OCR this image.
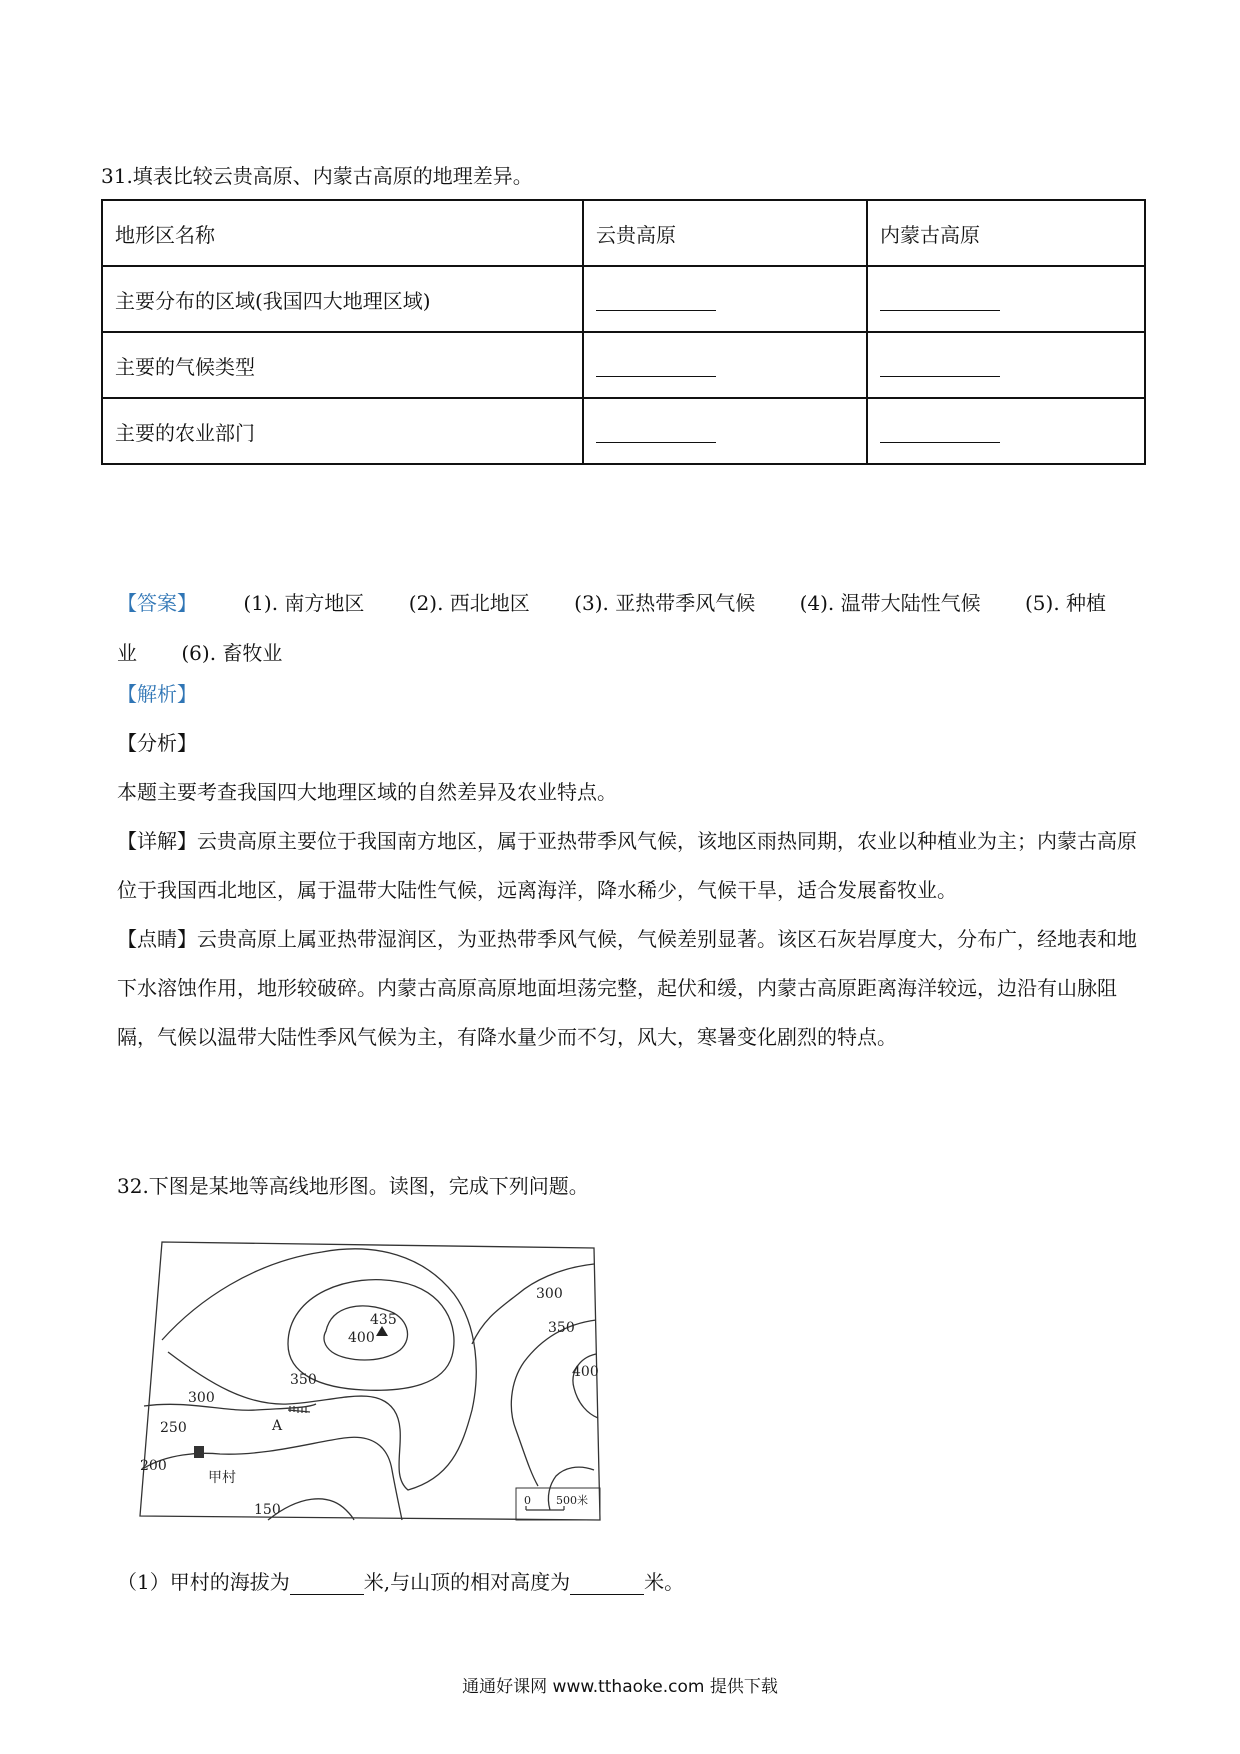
31.填表比较云贵高原、内蒙古高原的地理差异。
地形区名称	云贵高原	内蒙古高原
主要分布的区域(我国四大地理区域)		
主要的气候类型		
主要的农业部门		
【答案】 (1). 南方地区 (2). 西北地区 (3). 亚热带季风气候 (4). 温带大陆性气候 (5). 种植业 (6). 畜牧业
【解析】
【分析】
本题主要考查我国四大地理区域的自然差异及农业特点。
【详解】云贵高原主要位于我国南方地区，属于亚热带季风气候，该地区雨热同期，农业以种植业为主；内蒙古高原位于我国西北地区，属于温带大陆性气候，远离海洋，降水稀少，气候干旱，适合发展畜牧业。
【点睛】云贵高原上属亚热带湿润区，为亚热带季风气候，气候差别显著。该区石灰岩厚度大，分布广，经地表和地下水溶蚀作用，地形较破碎。内蒙古高原高原地面坦荡完整，起伏和缓，内蒙古高原距离海洋较远，边沿有山脉阻隔，气候以温带大陆性季风气候为主，有降水量少而不匀，风大，寒暑变化剧烈的特点。
32.下图是某地等高线地形图。读图，完成下列问题。
435
400
350
300
250
200
150
300
350
400
A
甲村
0 500米
（1）甲村的海拔为	米,与山顶的相对高度为	米。
通通好课网 www.tthaoke.com 提供下载
